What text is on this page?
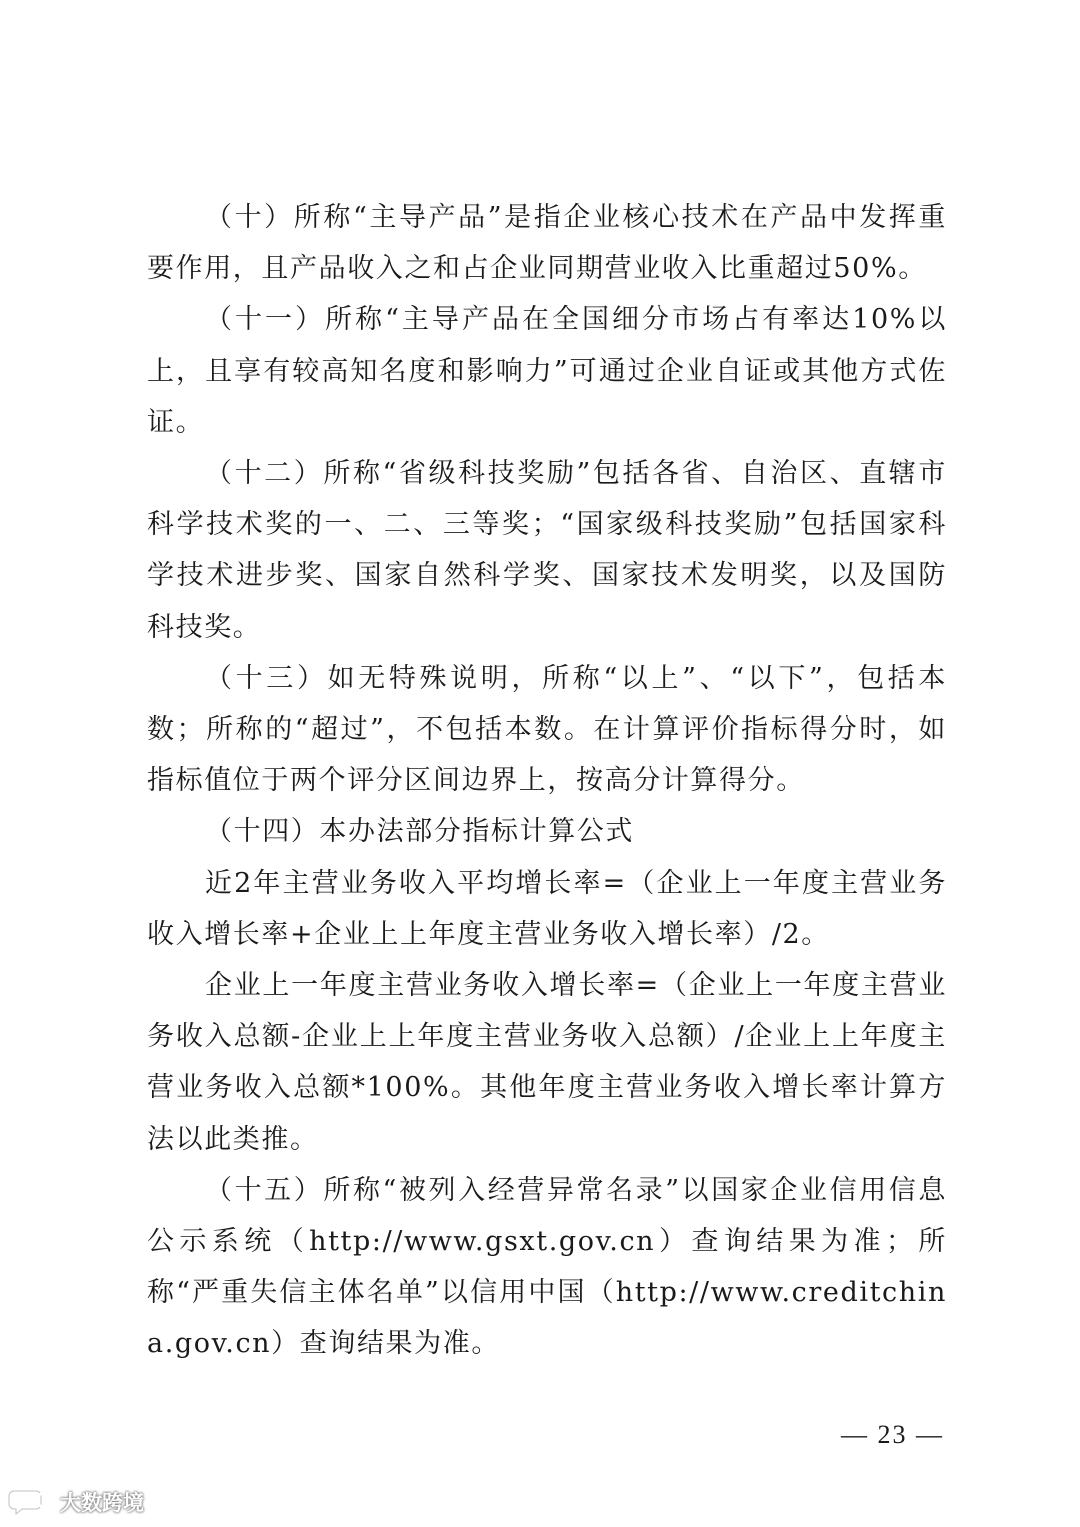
（十）所称“主导产品”是指企业核心技术在产品中发挥重要作用，且产品收入之和占企业同期营业收入比重超过50%。

（十一）所称“主导产品在全国细分市场占有率达10%以上，且享有较高知名度和影响力”可通过企业自证或其他方式佐证。

（十二）所称“省级科技奖励”包括各省、自治区、直辖市科学技术奖的一、二、三等奖；“国家级科技奖励”包括国家科学技术进步奖、国家自然科学奖、国家技术发明奖，以及国防科技奖。

（十三）如无特殊说明，所称“以上”、“以下”，包括本数；所称的“超过”，不包括本数。在计算评价指标得分时，如指标值位于两个评分区间边界上，按高分计算得分。

（十四）本办法部分指标计算公式

近2年主营业务收入平均增长率=（企业上一年度主营业务收入增长率+企业上上年度主营业务收入增长率）/2。

企业上一年度主营业务收入增长率=（企业上一年度主营业务收入总额-企业上上年度主营业务收入总额）/企业上上年度主营业务收入总额*100%。其他年度主营业务收入增长率计算方法以此类推。

（十五）所称“被列入经营异常名录”以国家企业信用信息公示系统（http://www.gsxt.gov.cn）查询结果为准；所称“严重失信主体名单”以信用中国（http://www.creditchina.gov.cn）查询结果为准。

— 23 —
大数跨境
